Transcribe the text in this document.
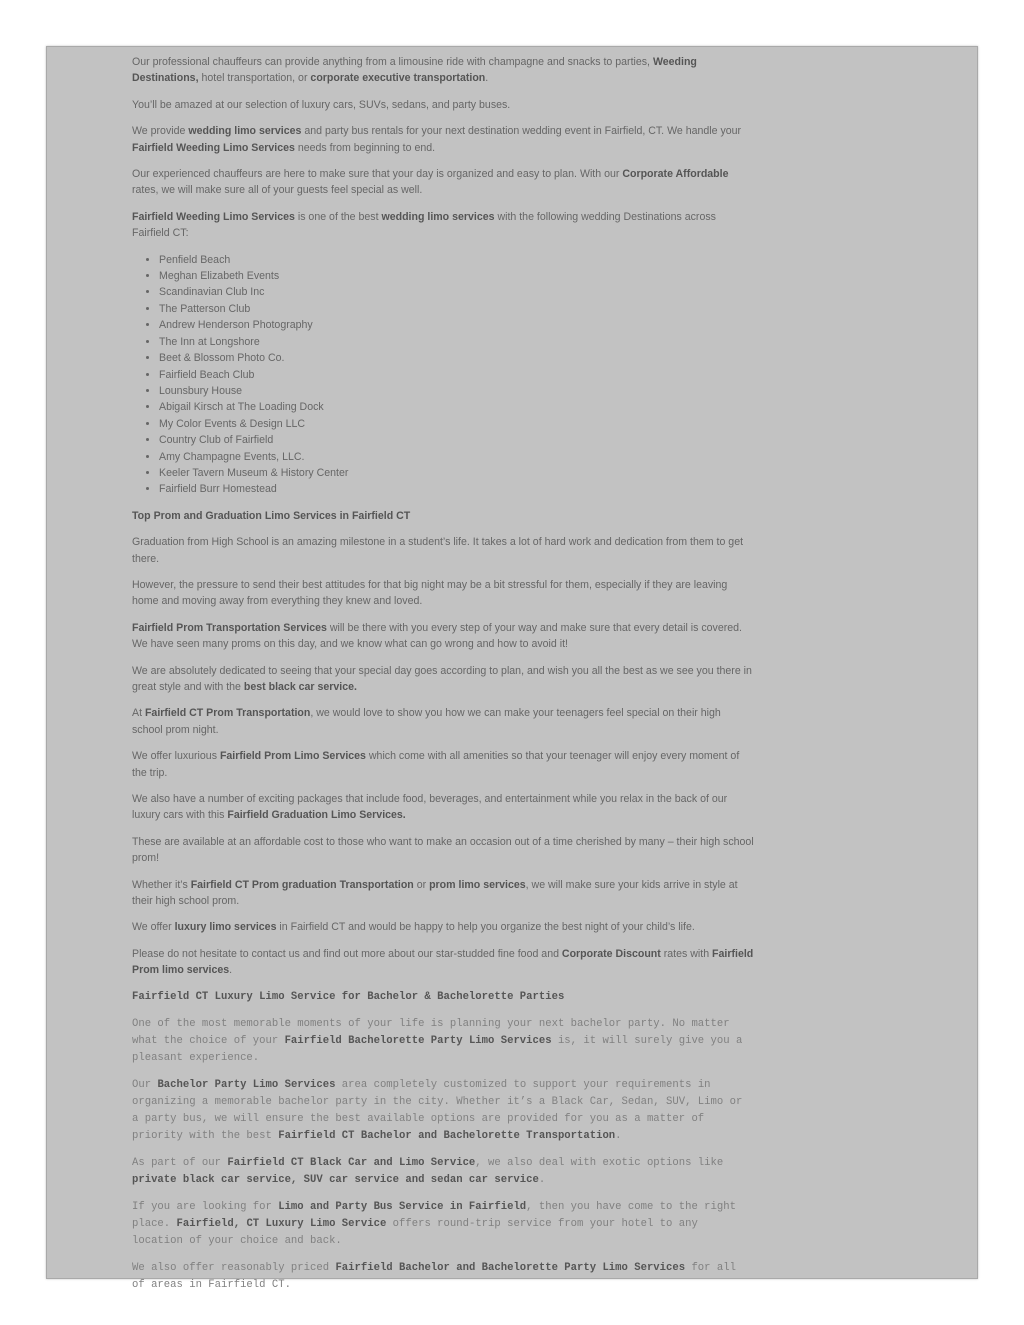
Our professional chauffeurs can provide anything from a limousine ride with champagne and snacks to parties, Weeding Destinations, hotel transportation, or corporate executive transportation.

You’ll be amazed at our selection of luxury cars, SUVs, sedans, and party buses.

We provide wedding limo services and party bus rentals for your next destination wedding event in Fairfield, CT. We handle your Fairfield Weeding Limo Services needs from beginning to end.

Our experienced chauffeurs are here to make sure that your day is organized and easy to plan. With our Corporate Affordable rates, we will make sure all of your guests feel special as well.

Fairfield Weeding Limo Services is one of the best wedding limo services with the following wedding Destinations across Fairfield CT:

• Penfield Beach
• Meghan Elizabeth Events
• Scandinavian Club Inc
• The Patterson Club
• Andrew Henderson Photography
• The Inn at Longshore
• Beet & Blossom Photo Co.
• Fairfield Beach Club
• Lounsbury House
• Abigail Kirsch at The Loading Dock
• My Color Events & Design LLC
• Country Club of Fairfield
• Amy Champagne Events, LLC.
• Keeler Tavern Museum & History Center
• Fairfield Burr Homestead

Top Prom and Graduation Limo Services in Fairfield CT

Graduation from High School is an amazing milestone in a student’s life. It takes a lot of hard work and dedication from them to get there.

However, the pressure to send their best attitudes for that big night may be a bit stressful for them, especially if they are leaving home and moving away from everything they knew and loved.

Fairfield Prom Transportation Services will be there with you every step of your way and make sure that every detail is covered. We have seen many proms on this day, and we know what can go wrong and how to avoid it!

We are absolutely dedicated to seeing that your special day goes according to plan, and wish you all the best as we see you there in great style and with the best black car service.

At Fairfield CT Prom Transportation, we would love to show you how we can make your teenagers feel special on their high school prom night.

We offer luxurious Fairfield Prom Limo Services which come with all amenities so that your teenager will enjoy every moment of the trip.

We also have a number of exciting packages that include food, beverages, and entertainment while you relax in the back of our luxury cars with this Fairfield Graduation Limo Services.

These are available at an affordable cost to those who want to make an occasion out of a time cherished by many – their high school prom!

Whether it’s Fairfield CT Prom graduation Transportation or prom limo services, we will make sure your kids arrive in style at their high school prom.

We offer luxury limo services in Fairfield CT and would be happy to help you organize the best night of your child’s life.

Please do not hesitate to contact us and find out more about our star-studded fine food and Corporate Discount rates with Fairfield Prom limo services.

Fairfield CT Luxury Limo Service for Bachelor & Bachelorette Parties

One of the most memorable moments of your life is planning your next bachelor party. No matter what the choice of your Fairfield Bachelorette Party Limo Services is, it will surely give you a pleasant experience.

Our Bachelor Party Limo Services area completely customized to support your requirements in organizing a memorable bachelor party in the city. Whether it’s a Black Car, Sedan, SUV, Limo or a party bus, we will ensure the best available options are provided for you as a matter of priority with the best Fairfield CT Bachelor and Bachelorette Transportation.

As part of our Fairfield CT Black Car and Limo Service, we also deal with exotic options like private black car service, SUV car service and sedan car service.

If you are looking for Limo and Party Bus Service in Fairfield, then you have come to the right place. Fairfield, CT Luxury Limo Service offers round-trip service from your hotel to any location of your choice and back.

We also offer reasonably priced Fairfield Bachelor and Bachelorette Party Limo Services for all of areas in Fairfield CT.
